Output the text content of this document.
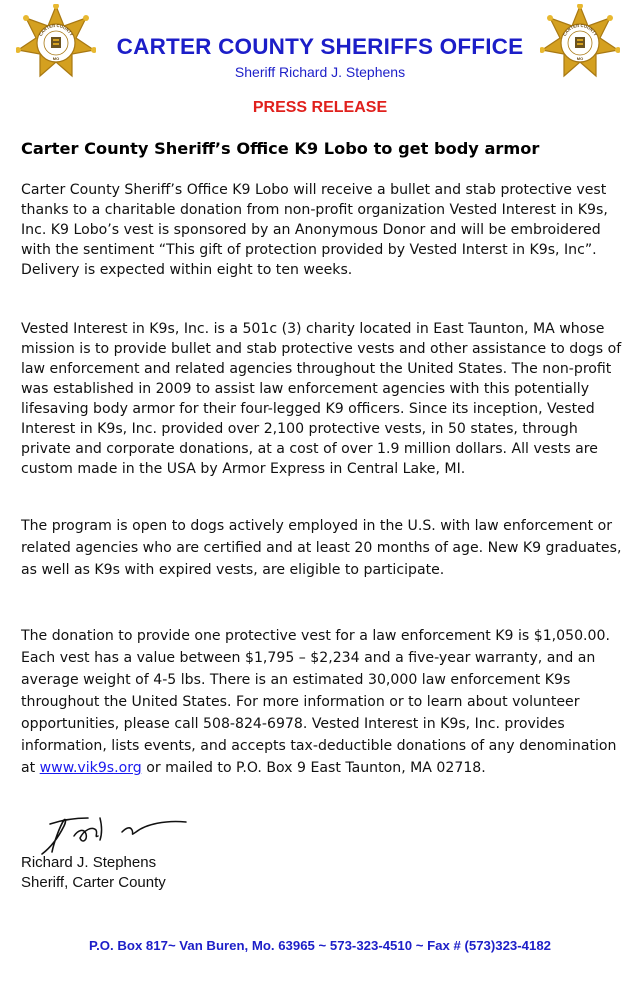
CARTER COUNTY
MO
CARTER COUNTY
MO
CARTER COUNTY SHERIFFS OFFICE
Sheriff Richard J. Stephens
PRESS RELEASE
Carter County Sheriff’s Office K9 Lobo to get body armor
Carter County Sheriff’s Office K9 Lobo will receive a bullet and stab protective vest thanks to a charitable donation from non-profit organization Vested Interest in K9s, Inc. K9 Lobo’s vest is sponsored by an Anonymous Donor and will be embroidered with the sentiment “This gift of protection provided by Vested Interst in K9s, Inc”. Delivery is expected within eight to ten weeks.
Vested Interest in K9s, Inc. is a 501c (3) charity located in East Taunton, MA whose mission is to provide bullet and stab protective vests and other assistance to dogs of law enforcement and related agencies throughout the United States. The non-profit was established in 2009 to assist law enforcement agencies with this potentially lifesaving body armor for their four-legged K9 officers. Since its inception, Vested Interest in K9s, Inc. provided over 2,100 protective vests, in 50 states, through private and corporate donations, at a cost of over 1.9 million dollars. All vests are custom made in the USA by Armor Express in Central Lake, MI.
The program is open to dogs actively employed in the U.S. with law enforcement or related agencies who are certified and at least 20 months of age. New K9 graduates, as well as K9s with expired vests, are eligible to participate.
The donation to provide one protective vest for a law enforcement K9 is $1,050.00. Each vest has a value between $1,795 – $2,234 and a five-year warranty, and an average weight of 4-5 lbs. There is an estimated 30,000 law enforcement K9s throughout the United States. For more information or to learn about volunteer opportunities, please call 508-824-6978. Vested Interest in K9s, Inc. provides information, lists events, and accepts tax-deductible donations of any denomination at www.vik9s.org or mailed to P.O. Box 9 East Taunton, MA 02718.
Richard J. Stephens
Sheriff, Carter County
P.O. Box 817~ Van Buren, Mo. 63965 ~ 573-323-4510 ~ Fax # (573)323-4182
